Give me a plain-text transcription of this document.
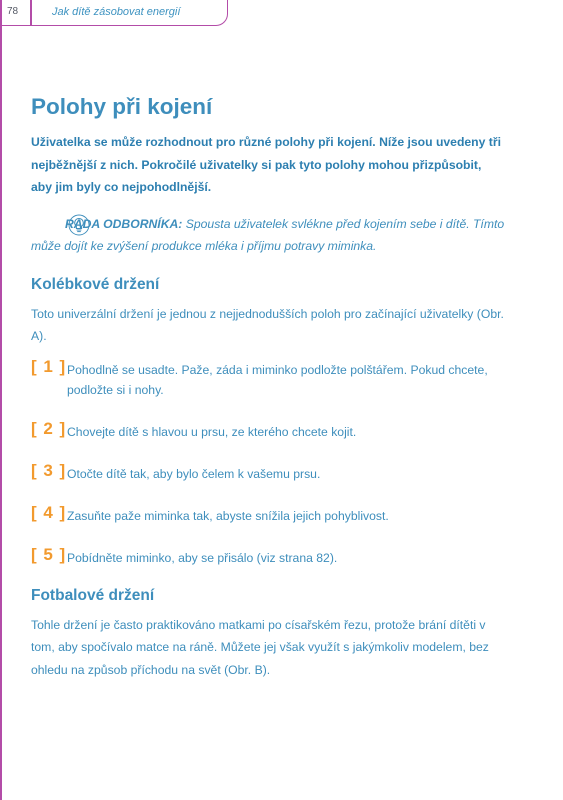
78	Jak dítě zásobovat energií
Polohy při kojení

Uživatelka se může rozhodnout pro různé polohy při kojení. Níže jsou uvedeny tři nejběžnější z nich. Pokročilé uživatelky si pak tyto polohy mohou přizpůsobit, aby jim byly co nejpohodlnější.

RADA ODBORNÍKA: Spousta uživatelek svlékne před kojením sebe i dítě. Tímto může dojít ke zvýšení produkce mléka i příjmu potravy miminka.
Kolébkové držení

Toto univerzální držení je jednou z nejjednodušších poloh pro začínající uživatelky (Obr. A).

[ 1 ] Pohodlně se usadte. Paže, záda i miminko podložte polštářem. Pokud chcete, podložte si i nohy.
[ 2 ] Chovejte dítě s hlavou u prsu, ze kterého chcete kojit.
[ 3 ] Otočte dítě tak, aby bylo čelem k vašemu prsu.
[ 4 ] Zasuňte paže miminka tak, abyste snížila jejich pohyblivost.
[ 5 ] Pobídněte miminko, aby se přisálo (viz strana 82).
Fotbalové držení

Tohle držení je často praktikováno matkami po císařském řezu, protože brání dítěti v tom, aby spočívalo matce na ráně. Můžete jej však využít s jakýmkoliv modelem, bez ohledu na způsob příchodu na svět (Obr. B).
